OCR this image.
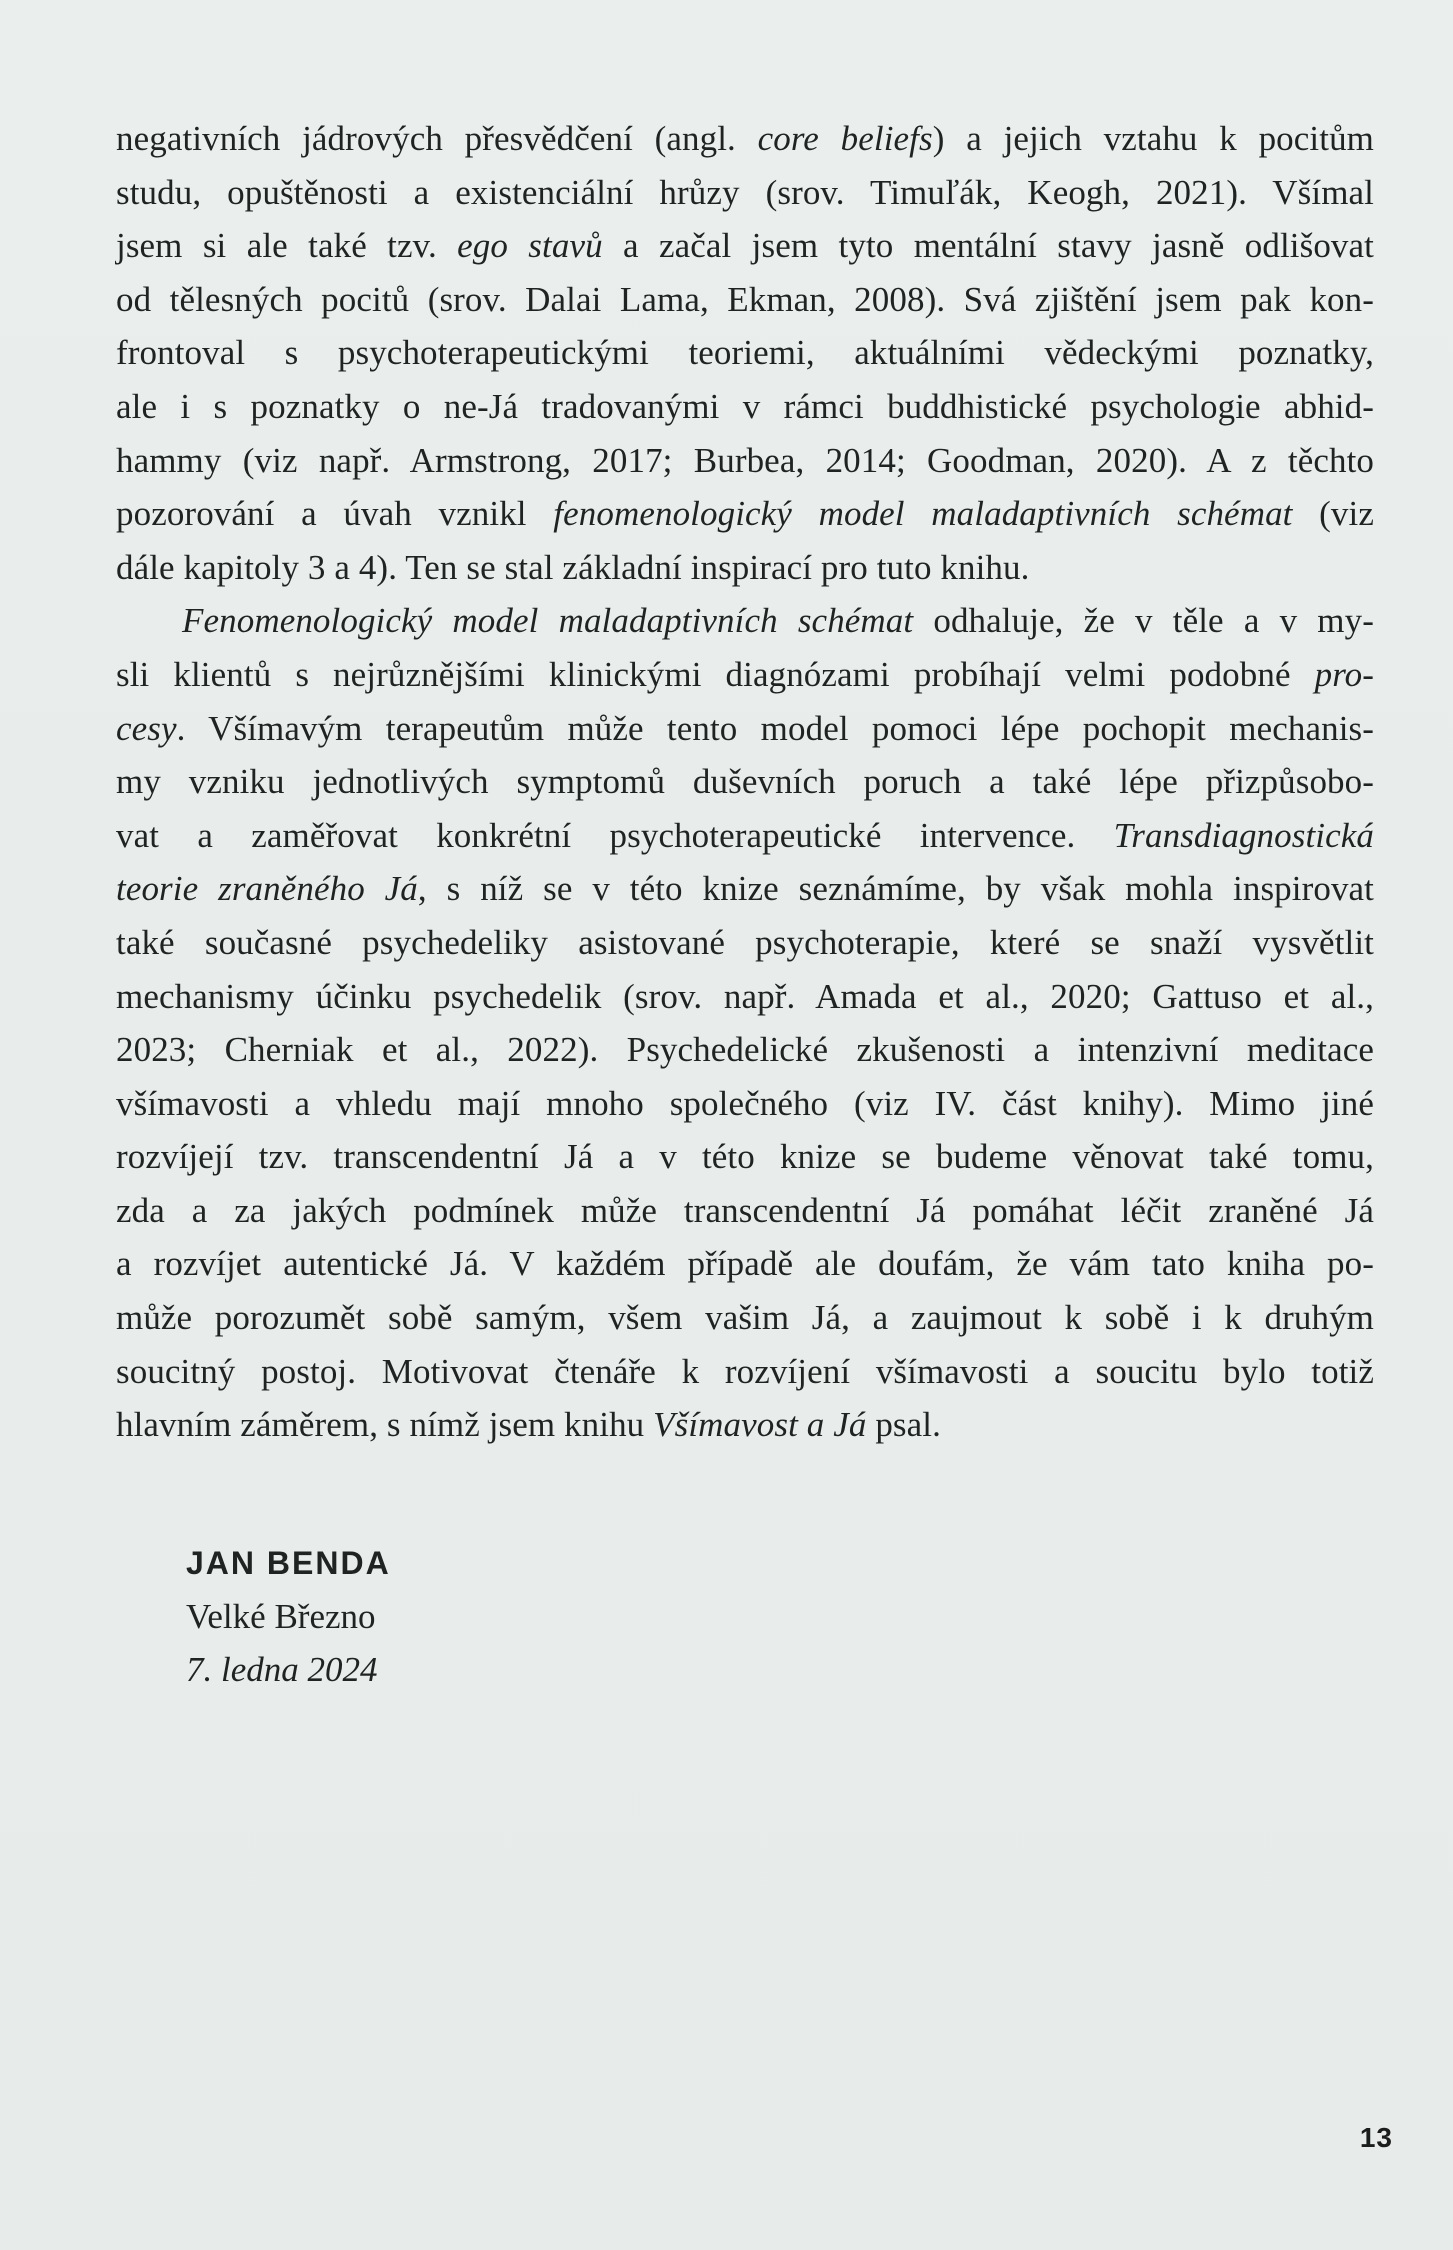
negativních jádrových přesvědčení (angl. core beliefs) a jejich vztahu k pocitům
studu, opuštěnosti a existenciální hrůzy (srov. Timuľák, Keogh, 2021). Všímal
jsem si ale také tzv. ego stavů a začal jsem tyto mentální stavy jasně odlišovat
od tělesných pocitů (srov. Dalai Lama, Ekman, 2008). Svá zjištění jsem pak kon-
frontoval s psychoterapeutickými teoriemi, aktuálními vědeckými poznatky,
ale i s poznatky o ne-Já tradovanými v rámci buddhistické psychologie abhid-
hammy (viz např. Armstrong, 2017; Burbea, 2014; Goodman, 2020). A z těchto
pozorování a úvah vznikl fenomenologický model maladaptivních schémat (viz
dále kapitoly 3 a 4). Ten se stal základní inspirací pro tuto knihu.
Fenomenologický model maladaptivních schémat odhaluje, že v těle a v my-
sli klientů s nejrůznějšími klinickými diagnózami probíhají velmi podobné pro-
cesy. Všímavým terapeutům může tento model pomoci lépe pochopit mechanis-
my vzniku jednotlivých symptomů duševních poruch a také lépe přizpůsobo-
vat a zaměřovat konkrétní psychoterapeutické intervence. Transdiagnostická
teorie zraněného Já, s níž se v této knize seznámíme, by však mohla inspirovat
také současné psychedeliky asistované psychoterapie, které se snaží vysvětlit
mechanismy účinku psychedelik (srov. např. Amada et al., 2020; Gattuso et al.,
2023; Cherniak et al., 2022). Psychedelické zkušenosti a intenzivní meditace
všímavosti a vhledu mají mnoho společného (viz IV. část knihy). Mimo jiné
rozvíjejí tzv. transcendentní Já a v této knize se budeme věnovat také tomu,
zda a za jakých podmínek může transcendentní Já pomáhat léčit zraněné Já
a rozvíjet autentické Já. V každém případě ale doufám, že vám tato kniha po-
může porozumět sobě samým, všem vašim Já, a zaujmout k sobě i k druhým
soucitný postoj. Motivovat čtenáře k rozvíjení všímavosti a soucitu bylo totiž
hlavním záměrem, s nímž jsem knihu Všímavost a Já psal.
JAN BENDA
Velké Březno
7. ledna 2024
13
